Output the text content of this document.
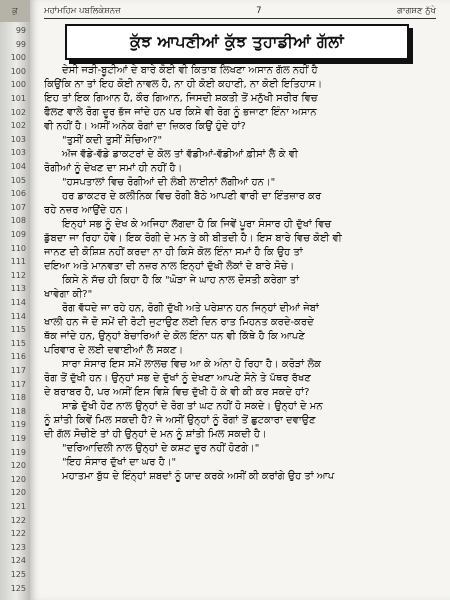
ਕੁ
99
99
100
100
100
101
102
102
103
103
104
105
106
107
108
109
110
111
112
113
114
114
115
115
116
117
117
118
118
119
119
119
120
120
120
121
122
122
123
124
125
125
ਮਹਾਂਮਹਿਮ ਪਬਲਿਕੇਸ਼ਨਜ਼	7	ਗਾਗਸ਼ਣ ਨੁੱਖੇ
ਕੁੱਝ ਆਪਣੀਆਂ ਕੁੱਝ ਤੁਹਾਡੀਆਂ ਗੱਲਾਂ
ਦੇਸੀ ਜੜੀ-ਬੂਟੀਆਂ ਦੇ ਬਾਰੇ ਕੋਈ ਵੀ ਕਿਤਾਬ ਲਿਖਣਾ ਅਸਾਨ ਗੱਲ ਨਹੀਂ ਹੈ
ਕਿਉਂਕਿ ਨਾ ਤਾਂ ਇਹ ਕੋਈ ਨਾਵਲ ਹੈ, ਨਾ ਹੀ ਕੋਈ ਕਹਾਣੀ, ਨਾ ਕੋਈ ਇਤਿਹਾਸ।
ਇਹ ਤਾਂ ਇਕ ਗਿਆਨ ਹੈ, ਕੌਰ ਗਿਆਨ, ਜਿਸਦੀ ਸ਼ਕਤੀ ਤੋਂ ਮਨੁੱਖੀ ਸਰੀਰ ਵਿਚ
ਫੈਲਣ ਵਾਲੇ ਰੋਗ ਦੂਰ ਭੱਜ ਜਾਂਦੇ ਹਨ ਪਰ ਕਿਸੇ ਵੀ ਰੋਗ ਨੂੰ ਭਜਾਣਾ ਇੰਨਾ ਅਸਾਨ
ਵੀ ਨਹੀਂ ਹੈ। ਅਸੀਂ ਅਨੇਕ ਰੋਗਾਂ ਦਾ ਜ਼ਿਕਰ ਕਿਉਂ ਹੁੰਦੇ ਹਾਂ?
"ਤੁਸੀਂ ਕਦੀ ਤੁਸੀਂ ਸੋਚਿਆ?"
ਅੱਜ ਵੱਡੇ-ਵੱਡੇ ਡਾਕਟਰਾਂ ਦੇ ਕੋਲ ਤਾਂ ਵੱਡੀਆਂ-ਵੱਡੀਆਂ ਫ਼ੀਸਾਂ ਲੈ ਕੇ ਵੀ
ਰੋਗੀਆਂ ਨੂੰ ਦੇਖਣ ਦਾ ਸਮਾਂ ਹੀ ਨਹੀਂ ਹੈ।
"ਹਸਪਤਾਲਾਂ ਵਿਚ ਰੋਗੀਆਂ ਦੀ ਲੰਬੀ ਲਾਈਨਾਂ ਲੱਗੀਆਂ ਹਨ।"
ਹਰ ਡਾਕਟਰ ਦੇ ਕਲੀਨਿਕ ਵਿਚ ਰੋਗੀ ਬੈਠੇ ਆਪਣੀ ਵਾਰੀ ਦਾ ਇੰਤਜ਼ਾਰ ਕਰ
ਰਹੇ ਨਜ਼ਰ ਆਉਂਦੇ ਹਨ।
ਇਨ੍ਹਾਂ ਸਭ ਨੂੰ ਦੇਖ ਕੇ ਅਜਿਹਾ ਲੱਗਦਾ ਹੈ ਕਿ ਜਿਵੇਂ ਪੂਰਾ ਸੰਸਾਰ ਹੀ ਦੁੱਖਾਂ ਵਿਚ
ਡੁੱਬਦਾ ਜਾ ਰਿਹਾ ਹੋਵੇ। ਇਕ ਰੋਗੀ ਦੇ ਮਨ ਤੇ ਕੀ ਬੀਤਦੀ ਹੈ। ਇਸ ਬਾਰੇ ਵਿਚ ਕੋਈ ਵੀ
ਜਾਨਣ ਦੀ ਕੋਸ਼ਿਸ਼ ਨਹੀਂ ਕਰਦਾ ਨਾ ਹੀ ਕਿਸੇ ਕੋਲ ਇੰਨਾ ਸਮਾਂ ਹੈ ਕਿ ਉਹ ਤਾਂ
ਦਇਆ ਅਤੇ ਮਾਨਵਤਾ ਦੀ ਨਜ਼ਰ ਨਾਲ ਇਨ੍ਹਾਂ ਦੁੱਖੀ ਲੋਕਾਂ ਦੇ ਬਾਰੇ ਸੋਚੇ।
ਕਿਸੇ ਨੇ ਸੱਚ ਹੀ ਕਿਹਾ ਹੈ ਕਿ "ਘੋੜਾ ਜੇ ਘਾਹ ਨਾਲ ਦੋਸਤੀ ਕਰੇਗਾ ਤਾਂ
ਖਾਵੇਗਾ ਕੀ?"
ਰੋਗ ਵੱਧਦੇ ਜਾ ਰਹੇ ਹਨ, ਰੋਗੀ ਦੁੱਖੀ ਅਤੇ ਪਰੇਸ਼ਾਨ ਹਨ ਜਿਨ੍ਹਾਂ ਦੀਆਂ ਜੇਬਾਂ
ਖਾਲੀ ਹਨ ਜੋ ਦੋ ਸਮੇਂ ਦੀ ਰੋਟੀ ਜੁਟਾਉਣ ਲਈ ਦਿਨ ਰਾਤ ਮਿਹਨਤ ਕਰਦੇ-ਕਰਦੇ
ਥੱਕ ਜਾਂਦੇ ਹਨ, ਉਨ੍ਹਾਂ ਬੇਚਾਰਿਆਂ ਦੇ ਕੋਲ ਇੰਨਾ ਧਨ ਵੀ ਕਿੱਥੇ ਹੈ ਕਿ ਆਪਣੇ
ਪਰਿਵਾਰ ਦੇ ਲਈ ਦਵਾਈਆਂ ਲੈ ਸਕਣ।
ਸਾਰਾ ਸੰਸਾਰ ਇਸ ਸਮੇਂ ਲਾਲਚ ਵਿਚ ਆ ਕੇ ਅੰਨਾ ਹੋ ਰਿਹਾ ਹੈ। ਕਰੋੜਾਂ ਲੋਕ
ਰੋਗ ਤੋਂ ਦੁੱਖੀ ਹਨ। ਉਨ੍ਹਾਂ ਸਭ ਦੇ ਦੁੱਖਾਂ ਨੂੰ ਦੇਖਣਾ ਆਪਣੇ ਸੋਨੇ ਤੇ ਪੱਥਰ ਰੱਖਣ
ਦੇ ਬਰਾਬਰ ਹੈ, ਪਰ ਅਸੀਂ ਇਸ ਵਿਸ਼ੇ ਵਿਚ ਦੁੱਖੀ ਹੋ ਕੇ ਵੀ ਕੀ ਕਰ ਸਕਦੇ ਹਾਂ?
ਸਾਡੇ ਦੁੱਖੀ ਹੋਣ ਨਾਲ ਉਨ੍ਹਾਂ ਦੇ ਰੋਗ ਤਾਂ ਘਟ ਨਹੀਂ ਹੋ ਸਕਦੇ। ਉਨ੍ਹਾਂ ਦੇ ਮਨ
ਨੂੰ ਸ਼ਾਂਤੀ ਕਿਵੇਂ ਮਿਲ ਸਕਦੀ ਹੈ? ਜੇ ਅਸੀਂ ਉਨ੍ਹਾਂ ਨੂੰ ਰੋਗਾਂ ਤੋਂ ਛੁਟਕਾਰਾ ਦਵਾਉਣ
ਦੀ ਗੱਲ ਸੋਚੀਏ ਤਾਂ ਹੀ ਉਨ੍ਹਾਂ ਦੇ ਮਨ ਨੂੰ ਸ਼ਾਂਤੀ ਮਿਲ ਸਕਦੀ ਹੈ।
"ਦਰਿਆਦਿਲੀ ਨਾਲ ਉਨ੍ਹਾਂ ਦੇ ਕਸ਼ਟ ਦੂਰ ਨਹੀਂ ਹੋਣਗੇ।"
"ਇਹ ਸੰਸਾਰ ਦੁੱਖਾਂ ਦਾ ਘਰ ਹੈ।"
ਮਹਾਤਮਾ ਬੁੱਧ ਦੇ ਇੰਨ੍ਹਾਂ ਸ਼ਬਦਾਂ ਨੂੰ ਯਾਦ ਕਰਕੇ ਅਸੀਂ ਕੀ ਕਰਾਂਗੇ ਉਹ ਤਾਂ ਆਪ
